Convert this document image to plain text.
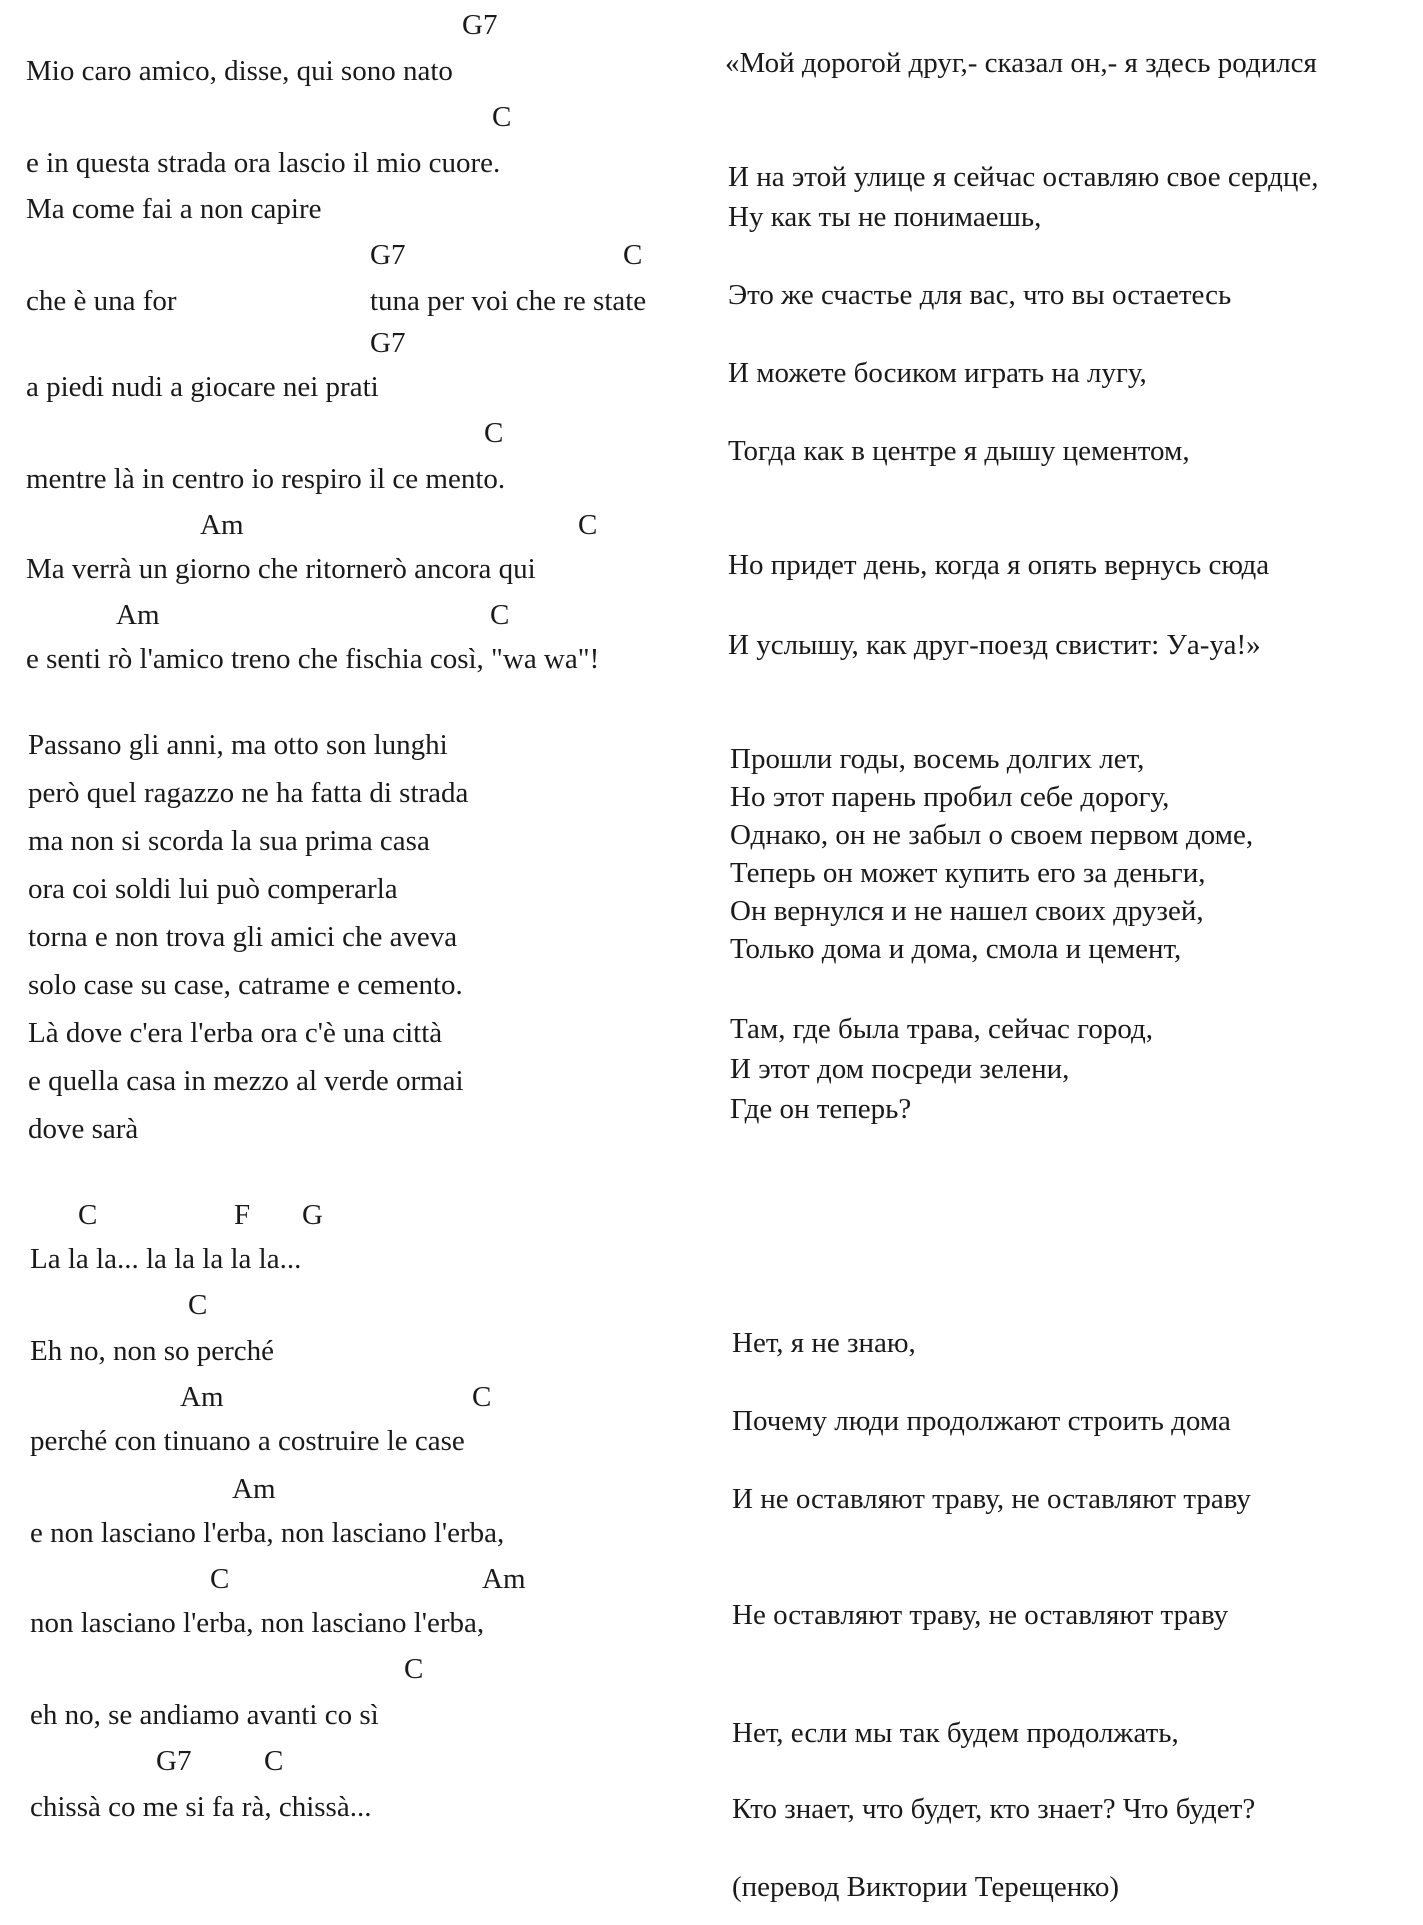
G7
Mio caro amico, disse, qui sono nato
C
e in questa strada ora lascio il mio cuore.
Ma come fai a non capire
G7	C
che è una for	tuna per voi che re state
G7
a piedi nudi a giocare nei prati
C
mentre là in centro io respiro il ce mento.
Am	C
Ma verrà un giorno che ritornerò ancora qui
Am	C
e senti rò l'amico treno che fischia così, "wa wa"!
Passano gli anni, ma otto son lunghi
però quel ragazzo ne ha fatta di strada
ma non si scorda la sua prima casa
ora coi soldi lui può comperarla
torna e non trova gli amici che aveva
solo case su case, catrame e cemento.
Là dove c'era l'erba ora c'è una città
e quella casa in mezzo al verde ormai
dove sarà
C	F G
La la la... la la la la la...
C
Eh no, non so perché
Am	C
perché con tinuano a costruire le case
Am
e non lasciano l'erba, non lasciano l'erba,
C	Am
non lasciano l'erba, non lasciano l'erba,
C
eh no, se andiamo avanti co sì
G7	C
chissà co me si fa rà, chissà...
«Мой дорогой друг,- сказал он,- я здесь родился
И на этой улице я сейчас оставляю свое сердце,
Ну как ты не понимаешь,
Это же счастье для вас, что вы остаетесь
И можете босиком играть на лугу,
Тогда как в центре я дышу цементом,
Но придет день, когда я опять вернусь сюда
И услышу, как друг-поезд свистит: Уа-уа!»
Прошли годы, восемь долгих лет,
Но этот парень пробил себе дорогу,
Однако, он не забыл о своем первом доме,
Теперь он может купить его за деньги,
Он вернулся и не нашел своих друзей,
Только дома и дома, смола и цемент,
Там, где была трава, сейчас город,
И этот дом посреди зелени,
Где он теперь?
Нет, я не знаю,
Почему люди продолжают строить дома
И не оставляют траву, не оставляют траву
Не оставляют траву, не оставляют траву
Нет, если мы так будем продолжать,
Кто знает, что будет, кто знает? Что будет?
(перевод Виктории Терещенко)
